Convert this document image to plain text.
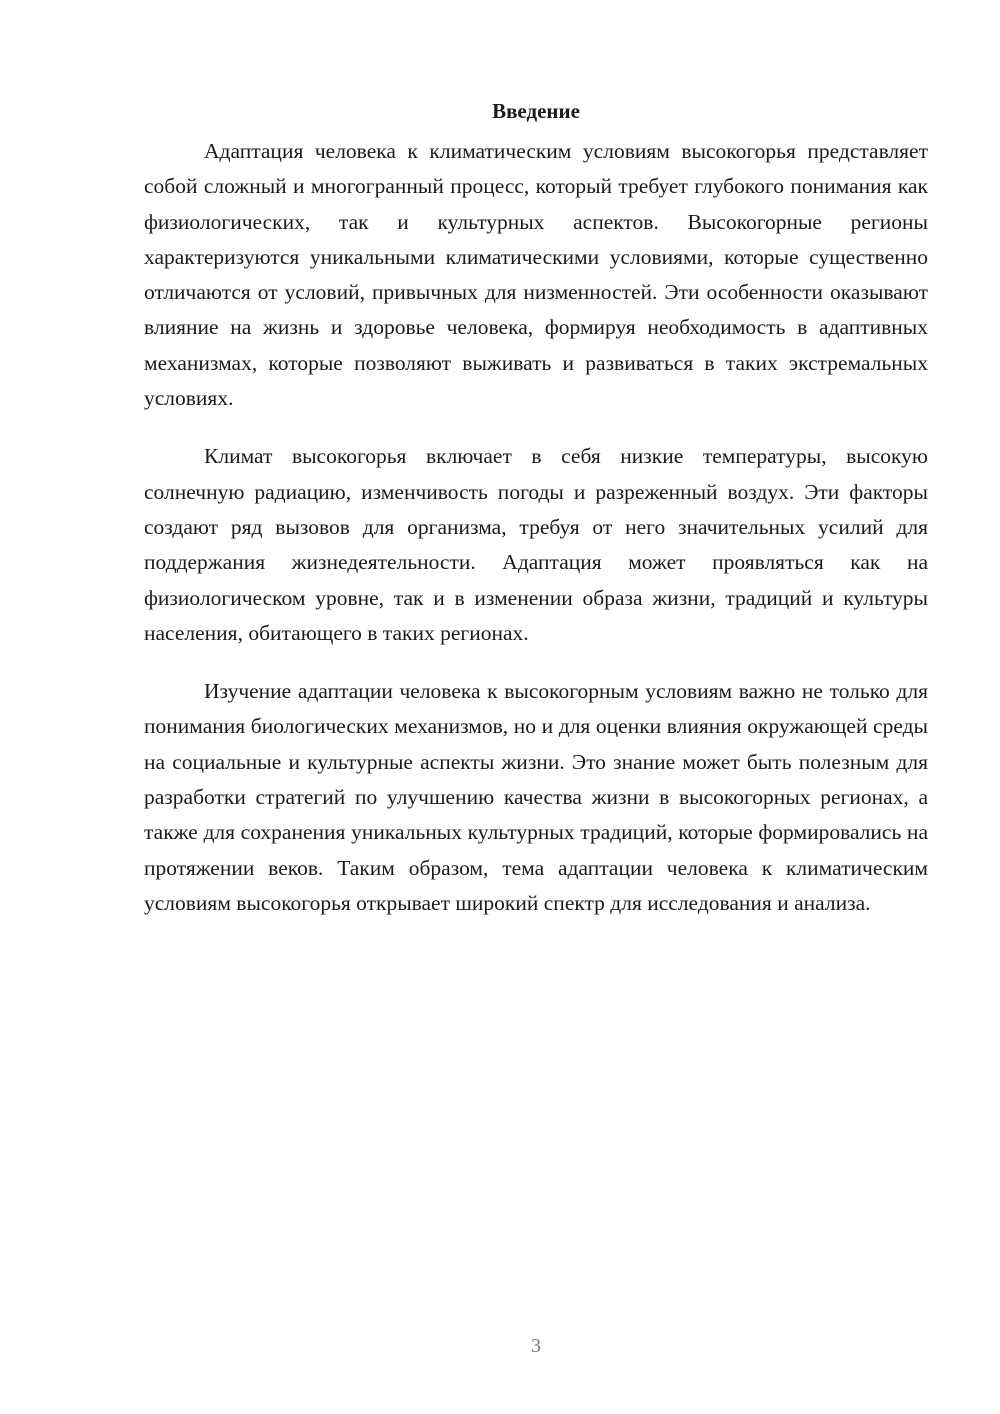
Введение

Адаптация человека к климатическим условиям высокогорья представляет собой сложный и многогранный процесс, который требует глубокого понимания как физиологических, так и культурных аспектов. Высокогорные регионы характеризуются уникальными климатическими условиями, которые существенно отличаются от условий, привычных для низменностей. Эти особенности оказывают влияние на жизнь и здоровье человека, формируя необходимость в адаптивных механизмах, которые позволяют выживать и развиваться в таких экстремальных условиях.

Климат высокогорья включает в себя низкие температуры, высокую солнечную радиацию, изменчивость погоды и разреженный воздух. Эти факторы создают ряд вызовов для организма, требуя от него значительных усилий для поддержания жизнедеятельности. Адаптация может проявляться как на физиологическом уровне, так и в изменении образа жизни, традиций и культуры населения, обитающего в таких регионах.

Изучение адаптации человека к высокогорным условиям важно не только для понимания биологических механизмов, но и для оценки влияния окружающей среды на социальные и культурные аспекты жизни. Это знание может быть полезным для разработки стратегий по улучшению качества жизни в высокогорных регионах, а также для сохранения уникальных культурных традиций, которые формировались на протяжении веков. Таким образом, тема адаптации человека к климатическим условиям высокогорья открывает широкий спектр для исследования и анализа.

3
